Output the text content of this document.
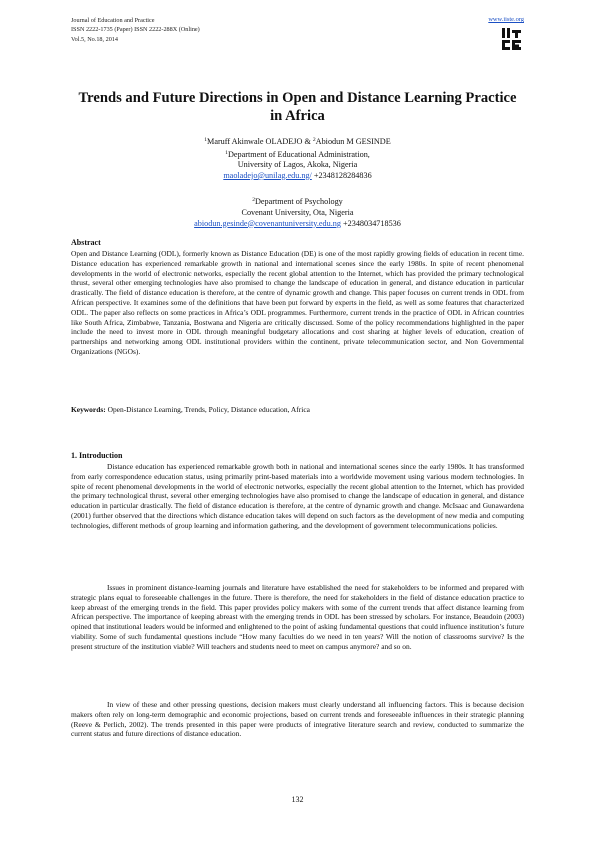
Journal of Education and Practice
ISSN 2222-1735 (Paper) ISSN 2222-288X (Online)
Vol.5, No.18, 2014
www.iiste.org
Trends and Future Directions in Open and Distance Learning Practice in Africa
$^1$Maruff Akinwale OLADEJO & $^2$Abiodun M GESINDE
$^1$Department of Educational Administration,
University of Lagos, Akoka, Nigeria
maoladejo@unilag.edu.ng/ +2348128284836
$^2$Department of Psychology
Covenant University, Ota, Nigeria
abiodun.gesinde@covenantuniversity.edu.ng +2348034718536
Abstract
Open and Distance Learning (ODL), formerly known as Distance Education (DE) is one of the most rapidly growing fields of education in recent time. Distance education has experienced remarkable growth in national and international scenes since the early 1980s. In spite of recent phenomenal developments in the world of electronic networks, especially the recent global attention to the Internet, which has provided the primary technological thrust, several other emerging technologies have also promised to change the landscape of education in general, and distance education in particular drastically. The field of distance education is therefore, at the centre of dynamic growth and change. This paper focuses on current trends in ODL from African perspective. It examines some of the definitions that have been put forward by experts in the field, as well as some features that characterized ODL. The paper also reflects on some practices in Africa’s ODL programmes. Furthermore, current trends in the practice of ODL in African countries like South Africa, Zimbabwe, Tanzania, Bostwana and Nigeria are critically discussed. Some of the policy recommendations highlighted in the paper include the need to invest more in ODL through meaningful budgetary allocations and cost sharing at higher levels of education, creation of partnerships and networking among ODL institutional providers within the continent, private telecommunication sector, and Non Governmental Organizations (NGOs).
Keywords: Open-Distance Learning, Trends, Policy, Distance education, Africa
1. Introduction
Distance education has experienced remarkable growth both in national and international scenes since the early 1980s. It has transformed from early correspondence education status, using primarily print-based materials into a worldwide movement using various modern technologies. In spite of recent phenomenal developments in the world of electronic networks, especially the recent global attention to the Internet, which has provided the primary technological thrust, several other emerging technologies have also promised to change the landscape of education in general, and distance education in particular drastically. The field of distance education is therefore, at the centre of dynamic growth and change. McIsaac and Gunawardena (2001) further observed that the directions which distance education takes will depend on such factors as the development of new media and computing technologies, different methods of group learning and information gathering, and the development of government telecommunications policies.
Issues in prominent distance-learning journals and literature have established the need for stakeholders to be informed and prepared with strategic plans equal to foreseeable challenges in the future. There is therefore, the need for stakeholders in the field of distance education practice to keep abreast of the emerging trends in the field. This paper provides policy makers with some of the current trends that affect distance learning from African perspective. The importance of keeping abreast with the emerging trends in ODL has been stressed by scholars. For instance, Beaudoin (2003) opined that institutional leaders would be informed and enlightened to the point of asking fundamental questions that could influence institution’s future viability. Some of such fundamental questions include “How many faculties do we need in ten years? Will the notion of classrooms survive? Is the present structure of the institution viable? Will teachers and students need to meet on campus anymore? and so on.
In view of these and other pressing questions, decision makers must clearly understand all influencing factors. This is because decision makers often rely on long-term demographic and economic projections, based on current trends and foreseeable influences in their strategic planning (Reeve & Perlich, 2002). The trends presented in this paper were products of integrative literature search and review, conducted to summarize the current status and future directions of distance education.
132
